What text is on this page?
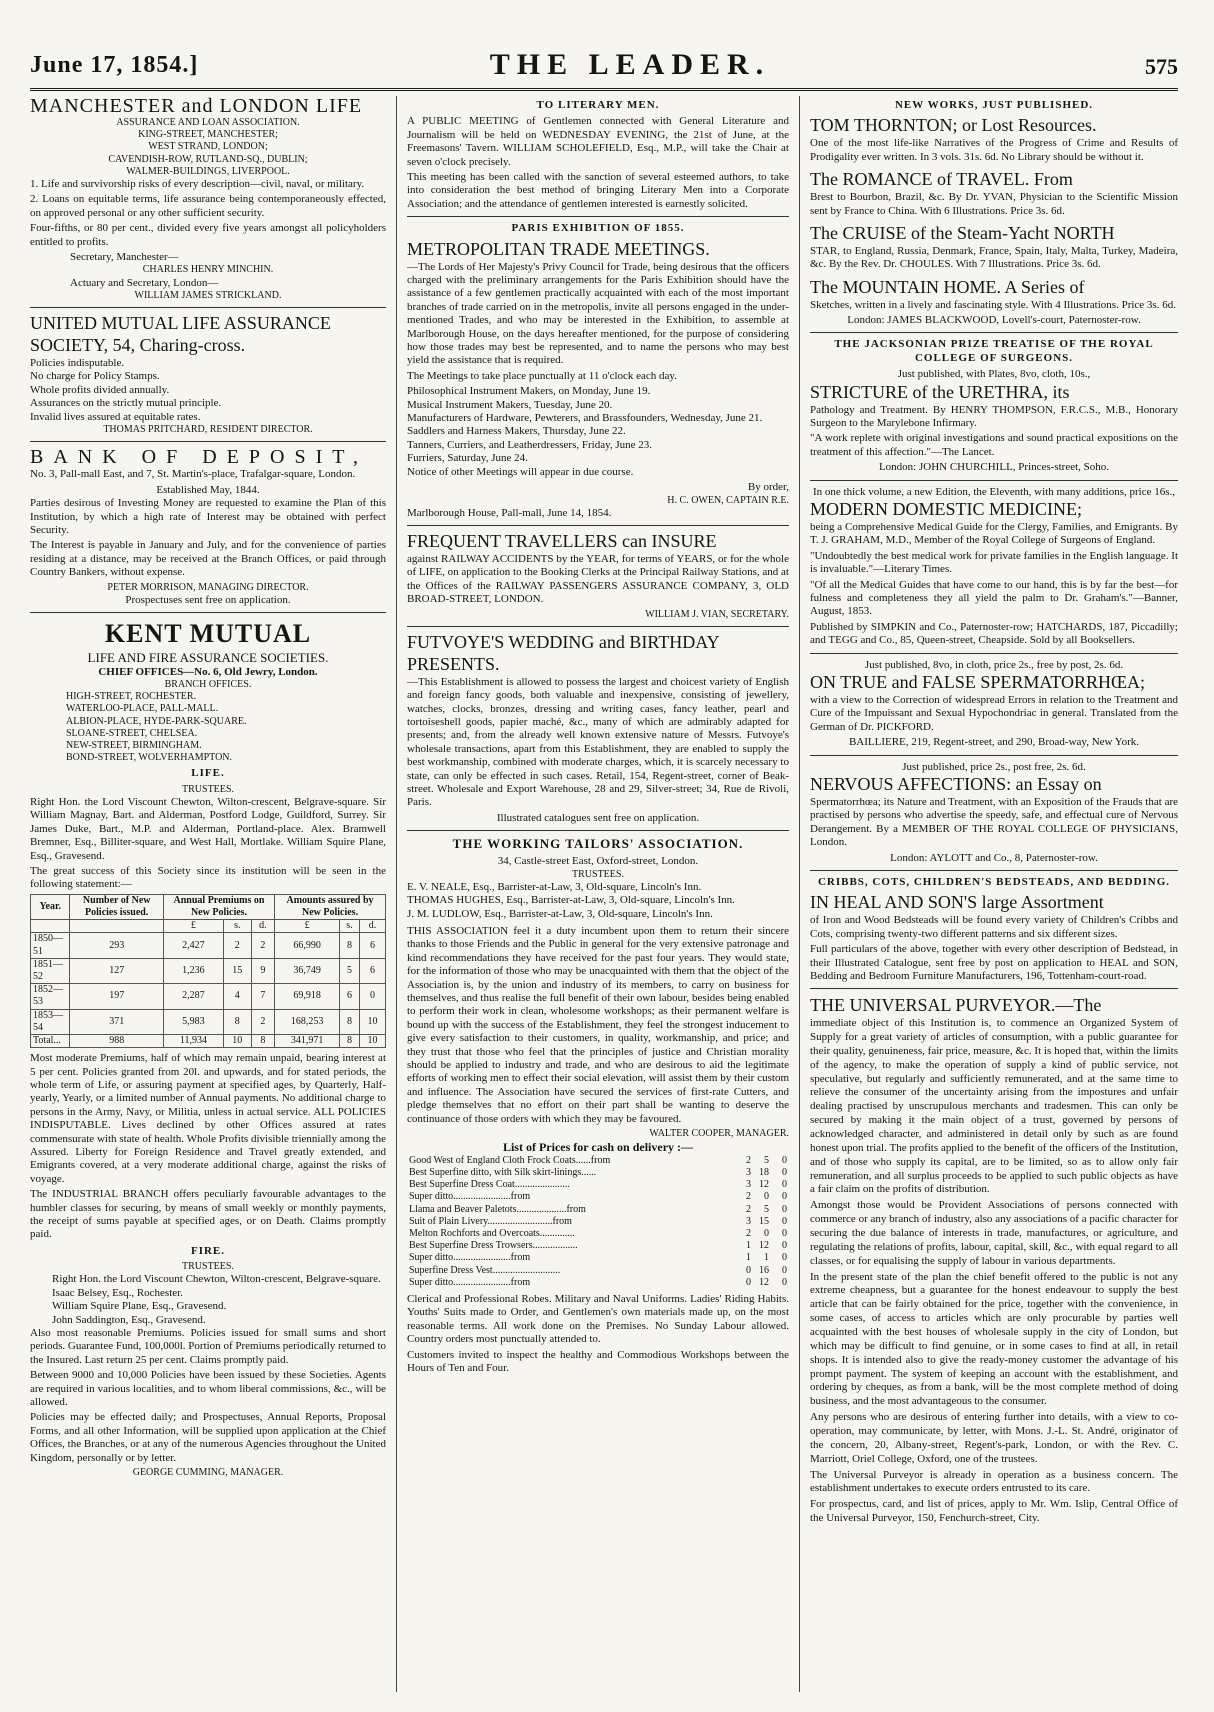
June 17, 1854.]	THE LEADER.	575
MANCHESTER and LONDON LIFE
ASSURANCE AND LOAN ASSOCIATION.
KING-STREET, MANCHESTER;
WEST STRAND, LONDON;
CAVENDISH-ROW, RUTLAND-SQ., DUBLIN;
WALMER-BUILDINGS, LIVERPOOL.

1. Life and survivorship risks of every description—civil, naval, or military.

2. Loans on equitable terms, life assurance being contemporaneously effected, on approved personal or any other sufficient security.

Four-fifths, or 80 per cent., divided every five years amongst all policyholders entitled to profits.

Secretary, Manchester—
CHARLES HENRY MINCHIN.
Actuary and Secretary, London—
WILLIAM JAMES STRICKLAND.
UNITED MUTUAL LIFE ASSURANCE SOCIETY, 54, Charing-cross.
Policies indisputable.
No charge for Policy Stamps.
Whole profits divided annually.
Assurances on the strictly mutual principle.
Invalid lives assured at equitable rates.
THOMAS PRITCHARD, RESIDENT DIRECTOR.
BANK OF DEPOSIT,

No. 3, Pall-mall East, and 7, St. Martin's-place, Trafalgar-square, London.

Established May, 1844.

Parties desirous of Investing Money are requested to examine the Plan of this Institution, by which a high rate of Interest may be obtained with perfect Security.

The Interest is payable in January and July, and for the convenience of parties residing at a distance, may be received at the Branch Offices, or paid through Country Bankers, without expense.

PETER MORRISON, MANAGING DIRECTOR.
Prospectuses sent free on application.
KENT MUTUAL
LIFE AND FIRE ASSURANCE SOCIETIES.
CHIEF OFFICES—No. 6, Old Jewry, London.
BRANCH OFFICES.
HIGH-STREET, ROCHESTER.
WATERLOO-PLACE, PALL-MALL.
ALBION-PLACE, HYDE-PARK-SQUARE.
SLOANE-STREET, CHELSEA.
NEW-STREET, BIRMINGHAM.
BOND-STREET, WOLVERHAMPTON.
LIFE.
TRUSTEES.

Right Hon. the Lord Viscount Chewton, Wilton-crescent, Belgrave-square. Sir William Magnay, Bart. and Alderman, Postford Lodge, Guildford, Surrey. Sir James Duke, Bart., M.P. and Alderman, Portland-place. Alex. Bramwell Bremner, Esq., Billiter-square, and West Hall, Mortlake. William Squire Plane, Esq., Gravesend.

The great success of this Society since its institution will be seen in the following statement:—

Year.	Number of New Policies issued.	Annual Premiums on New Policies.			Amounts assured by New Policies.		
		£	s.	d.	£	s.	d.
1850—51	293	2,427	2	2	66,990	8	6
1851—52	127	1,236	15	9	36,749	5	6
1852—53	197	2,287	4	7	69,918	6	0
1853—54	371	5,983	8	2	168,253	8	10
Total...	988	11,934	10	8	341,971	8	10

Most moderate Premiums, half of which may remain unpaid, bearing interest at 5 per cent. Policies granted from 20l. and upwards, and for stated periods, the whole term of Life, or assuring payment at specified ages, by Quarterly, Half-yearly, Yearly, or a limited number of Annual payments. No additional charge to persons in the Army, Navy, or Militia, unless in actual service. ALL POLICIES INDISPUTABLE. Lives declined by other Offices assured at rates commensurate with state of health. Whole Profits divisible triennially among the Assured. Liberty for Foreign Residence and Travel greatly extended, and Emigrants covered, at a very moderate additional charge, against the risks of voyage.

The INDUSTRIAL BRANCH offers peculiarly favourable advantages to the humbler classes for securing, by means of small weekly or monthly payments, the receipt of sums payable at specified ages, or on Death. Claims promptly paid.

FIRE.
TRUSTEES.
Right Hon. the Lord Viscount Chewton, Wilton-crescent, Belgrave-square.
Isaac Belsey, Esq., Rochester.
William Squire Plane, Esq., Gravesend.
John Saddington, Esq., Gravesend.

Also most reasonable Premiums. Policies issued for small sums and short periods. Guarantee Fund, 100,000l. Portion of Premiums periodically returned to the Insured. Last return 25 per cent. Claims promptly paid.

Between 9000 and 10,000 Policies have been issued by these Societies. Agents are required in various localities, and to whom liberal commissions, &c., will be allowed.

Policies may be effected daily; and Prospectuses, Annual Reports, Proposal Forms, and all other Information, will be supplied upon application at the Chief Offices, the Branches, or at any of the numerous Agencies throughout the United Kingdom, personally or by letter.

GEORGE CUMMING, MANAGER.
TO LITERARY MEN.

A PUBLIC MEETING of Gentlemen connected with General Literature and Journalism will be held on WEDNESDAY EVENING, the 21st of June, at the Freemasons' Tavern. WILLIAM SCHOLEFIELD, Esq., M.P., will take the Chair at seven o'clock precisely.

This meeting has been called with the sanction of several esteemed authors, to take into consideration the best method of bringing Literary Men into a Corporate Association; and the attendance of gentlemen interested is earnestly solicited.

PARIS EXHIBITION OF 1855.
METROPOLITAN TRADE MEETINGS.

—The Lords of Her Majesty's Privy Council for Trade, being desirous that the officers charged with the preliminary arrangements for the Paris Exhibition should have the assistance of a few gentlemen practically acquainted with each of the most important branches of trade carried on in the metropolis, invite all persons engaged in the under-mentioned Trades, and who may be interested in the Exhibition, to assemble at Marlborough House, on the days hereafter mentioned, for the purpose of considering how those trades may best be represented, and to name the persons who may best yield the assistance that is required.

The Meetings to take place punctually at 11 o'clock each day.

Philosophical Instrument Makers, on Monday, June 19.
Musical Instrument Makers, Tuesday, June 20.
Manufacturers of Hardware, Pewterers, and Brassfounders, Wednesday, June 21.
Saddlers and Harness Makers, Thursday, June 22.
Tanners, Curriers, and Leatherdressers, Friday, June 23.
Furriers, Saturday, June 24.

Notice of other Meetings will appear in due course.

By order,
H. C. OWEN, CAPTAIN R.E.
Marlborough House, Pall-mall, June 14, 1854.
FREQUENT TRAVELLERS can INSURE

against RAILWAY ACCIDENTS by the YEAR, for terms of YEARS, or for the whole of LIFE, on application to the Booking Clerks at the Principal Railway Stations, and at the Offices of the RAILWAY PASSENGERS ASSURANCE COMPANY, 3, OLD BROAD-STREET, LONDON.

WILLIAM J. VIAN, SECRETARY.
FUTVOYE'S WEDDING and BIRTHDAY PRESENTS.

—This Establishment is allowed to possess the largest and choicest variety of English and foreign fancy goods, both valuable and inexpensive, consisting of jewellery, watches, clocks, bronzes, dressing and writing cases, fancy leather, pearl and tortoiseshell goods, papier maché, &c., many of which are admirably adapted for presents; and, from the already well known extensive nature of Messrs. Futvoye's wholesale transactions, apart from this Establishment, they are enabled to supply the best workmanship, combined with moderate charges, which, it is scarcely necessary to state, can only be effected in such cases. Retail, 154, Regent-street, corner of Beak-street. Wholesale and Export Warehouse, 28 and 29, Silver-street; 34, Rue de Rivoli, Paris.

Illustrated catalogues sent free on application.
THE WORKING TAILORS' ASSOCIATION.
34, Castle-street East, Oxford-street, London.
TRUSTEES.
E. V. NEALE, Esq., Barrister-at-Law, 3, Old-square, Lincoln's Inn.
THOMAS HUGHES, Esq., Barrister-at-Law, 3, Old-square, Lincoln's Inn.
J. M. LUDLOW, Esq., Barrister-at-Law, 3, Old-square, Lincoln's Inn.

THIS ASSOCIATION feel it a duty incumbent upon them to return their sincere thanks to those Friends and the Public in general for the very extensive patronage and kind recommendations they have received for the past four years. They would state, for the information of those who may be unacquainted with them that the object of the Association is, by the union and industry of its members, to carry on business for themselves, and thus realise the full benefit of their own labour, besides being enabled to perform their work in clean, wholesome workshops; as their permanent welfare is bound up with the success of the Establishment, they feel the strongest inducement to give every satisfaction to their customers, in quality, workmanship, and price; and they trust that those who feel that the principles of justice and Christian morality should be applied to industry and trade, and who are desirous to aid the legitimate efforts of working men to effect their social elevation, will assist them by their custom and influence. The Association have secured the services of first-rate Cutters, and pledge themselves that no effort on their part shall be wanting to deserve the continuance of those orders with which they may be favoured.

WALTER COOPER, MANAGER.
List of Prices for cash on delivery :—
Good West of England Cloth Frock Coats......from	2	5	0
Best Superfine ditto, with Silk skirt-linings......	3	18	0
Best Superfine Dress Coat......................	3	12	0
Super ditto.......................from	2	0	0
Llama and Beaver Paletots....................from	2	5	0
Suit of Plain Livery..........................from	3	15	0
Melton Rochforts and Overcoats..............	2	0	0
Best Superfine Dress Trowsers..................	1	12	0
Super ditto.......................from	1	1	0
Superfine Dress Vest...........................	0	16	0
Super ditto.......................from	0	12	0

Clerical and Professional Robes. Military and Naval Uniforms. Ladies' Riding Habits. Youths' Suits made to Order, and Gentlemen's own materials made up, on the most reasonable terms. All work done on the Premises. No Sunday Labour allowed. Country orders most punctually attended to.

Customers invited to inspect the healthy and Commodious Workshops between the Hours of Ten and Four.

NEW WORKS, JUST PUBLISHED.
TOM THORNTON; or Lost Resources.

One of the most life-like Narratives of the Progress of Crime and Results of Prodigality ever written. In 3 vols. 31s. 6d. No Library should be without it.

The ROMANCE of TRAVEL. From

Brest to Bourbon, Brazil, &c. By Dr. YVAN, Physician to the Scientific Mission sent by France to China. With 6 Illustrations. Price 3s. 6d.

The CRUISE of the Steam-Yacht NORTH

STAR, to England, Russia, Denmark, France, Spain, Italy, Malta, Turkey, Madeira, &c. By the Rev. Dr. CHOULES. With 7 Illustrations. Price 3s. 6d.

The MOUNTAIN HOME. A Series of

Sketches, written in a lively and fascinating style. With 4 Illustrations. Price 3s. 6d.

London: JAMES BLACKWOOD, Lovell's-court, Paternoster-row.
THE JACKSONIAN PRIZE TREATISE OF THE ROYAL COLLEGE OF SURGEONS.
Just published, with Plates, 8vo, cloth, 10s.,
STRICTURE of the URETHRA, its

Pathology and Treatment. By HENRY THOMPSON, F.R.C.S., M.B., Honorary Surgeon to the Marylebone Infirmary.

"A work replete with original investigations and sound practical expositions on the treatment of this affection."—The Lancet.

London: JOHN CHURCHILL, Princes-street, Soho.
In one thick volume, a new Edition, the Eleventh, with many additions, price 16s.,
MODERN DOMESTIC MEDICINE;

being a Comprehensive Medical Guide for the Clergy, Families, and Emigrants. By T. J. GRAHAM, M.D., Member of the Royal College of Surgeons of England.

"Undoubtedly the best medical work for private families in the English language. It is invaluable."—Literary Times.

"Of all the Medical Guides that have come to our hand, this is by far the best—for fulness and completeness they all yield the palm to Dr. Graham's."—Banner, August, 1853.

Published by SIMPKIN and Co., Paternoster-row; HATCHARDS, 187, Piccadilly; and TEGG and Co., 85, Queen-street, Cheapside. Sold by all Booksellers.

Just published, 8vo, in cloth, price 2s., free by post, 2s. 6d.
ON TRUE and FALSE SPERMATORRHŒA;

with a view to the Correction of widespread Errors in relation to the Treatment and Cure of the Impuissant and Sexual Hypochondriac in general. Translated from the German of Dr. PICKFORD.

BAILLIERE, 219, Regent-street, and 290, Broad-way, New York.
Just published, price 2s., post free, 2s. 6d.
NERVOUS AFFECTIONS: an Essay on

Spermatorrhœa; its Nature and Treatment, with an Exposition of the Frauds that are practised by persons who advertise the speedy, safe, and effectual cure of Nervous Derangement. By a MEMBER OF THE ROYAL COLLEGE OF PHYSICIANS, London.

London: AYLOTT and Co., 8, Paternoster-row.
CRIBBS, COTS, CHILDREN'S BEDSTEADS, AND BEDDING.
IN HEAL AND SON'S large Assortment

of Iron and Wood Bedsteads will be found every variety of Children's Cribbs and Cots, comprising twenty-two different patterns and six different sizes.

Full particulars of the above, together with every other description of Bedstead, in their Illustrated Catalogue, sent free by post on application to HEAL and SON, Bedding and Bedroom Furniture Manufacturers, 196, Tottenham-court-road.

THE UNIVERSAL PURVEYOR.—The

immediate object of this Institution is, to commence an Organized System of Supply for a great variety of articles of consumption, with a public guarantee for their quality, genuineness, fair price, measure, &c. It is hoped that, within the limits of the agency, to make the operation of supply a kind of public service, not speculative, but regularly and sufficiently remunerated, and at the same time to relieve the consumer of the uncertainty arising from the impostures and unfair dealing practised by unscrupulous merchants and tradesmen. This can only be secured by making it the main object of a trust, governed by persons of acknowledged character, and administered in detail only by such as are found honest upon trial. The profits applied to the benefit of the officers of the Institution, and of those who supply its capital, are to be limited, so as to allow only fair remuneration, and all surplus proceeds to be applied to such public objects as have a fair claim on the profits of distribution.

Amongst those would be Provident Associations of persons connected with commerce or any branch of industry, also any associations of a pacific character for securing the due balance of interests in trade, manufactures, or agriculture, and regulating the relations of profits, labour, capital, skill, &c., with equal regard to all classes, or for equalising the supply of labour in various departments.

In the present state of the plan the chief benefit offered to the public is not any extreme cheapness, but a guarantee for the honest endeavour to supply the best article that can be fairly obtained for the price, together with the convenience, in some cases, of access to articles which are only procurable by parties well acquainted with the best houses of wholesale supply in the city of London, but which may be difficult to find genuine, or in some cases to find at all, in retail shops. It is intended also to give the ready-money customer the advantage of his prompt payment. The system of keeping an account with the establishment, and ordering by cheques, as from a bank, will be the most complete method of doing business, and the most advantageous to the consumer.

Any persons who are desirous of entering further into details, with a view to co-operation, may communicate, by letter, with Mons. J.-L. St. André, originator of the concern, 20, Albany-street, Regent's-park, London, or with the Rev. C. Marriott, Oriel College, Oxford, one of the trustees.

The Universal Purveyor is already in operation as a business concern. The establishment undertakes to execute orders entrusted to its care.

For prospectus, card, and list of prices, apply to Mr. Wm. Islip, Central Office of the Universal Purveyor, 150, Fenchurch-street, City.
